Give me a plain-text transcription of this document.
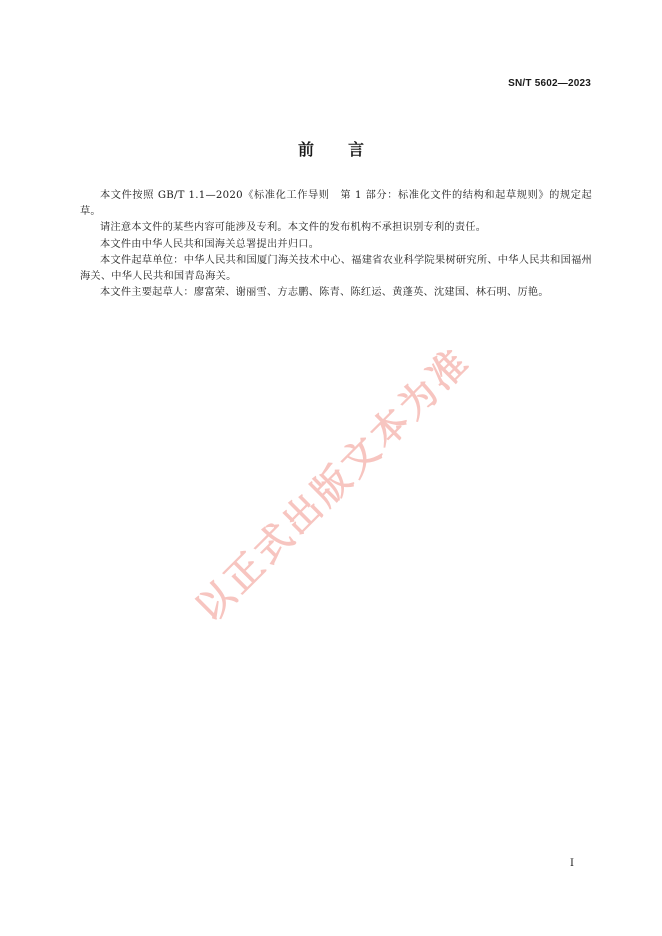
SN/T 5602—2023
前 言

本文件按照 GB/T 1.1—2020《标准化工作导则　第 1 部分：标准化文件的结构和起草规则》的规定起草。

请注意本文件的某些内容可能涉及专利。本文件的发布机构不承担识别专利的责任。

本文件由中华人民共和国海关总署提出并归口。

本文件起草单位：中华人民共和国厦门海关技术中心、福建省农业科学院果树研究所、中华人民共和国福州海关、中华人民共和国青岛海关。

本文件主要起草人：廖富荣、谢丽雪、方志鹏、陈青、陈红运、黄蓬英、沈建国、林石明、厉艳。

以正式出版文本为准
I
